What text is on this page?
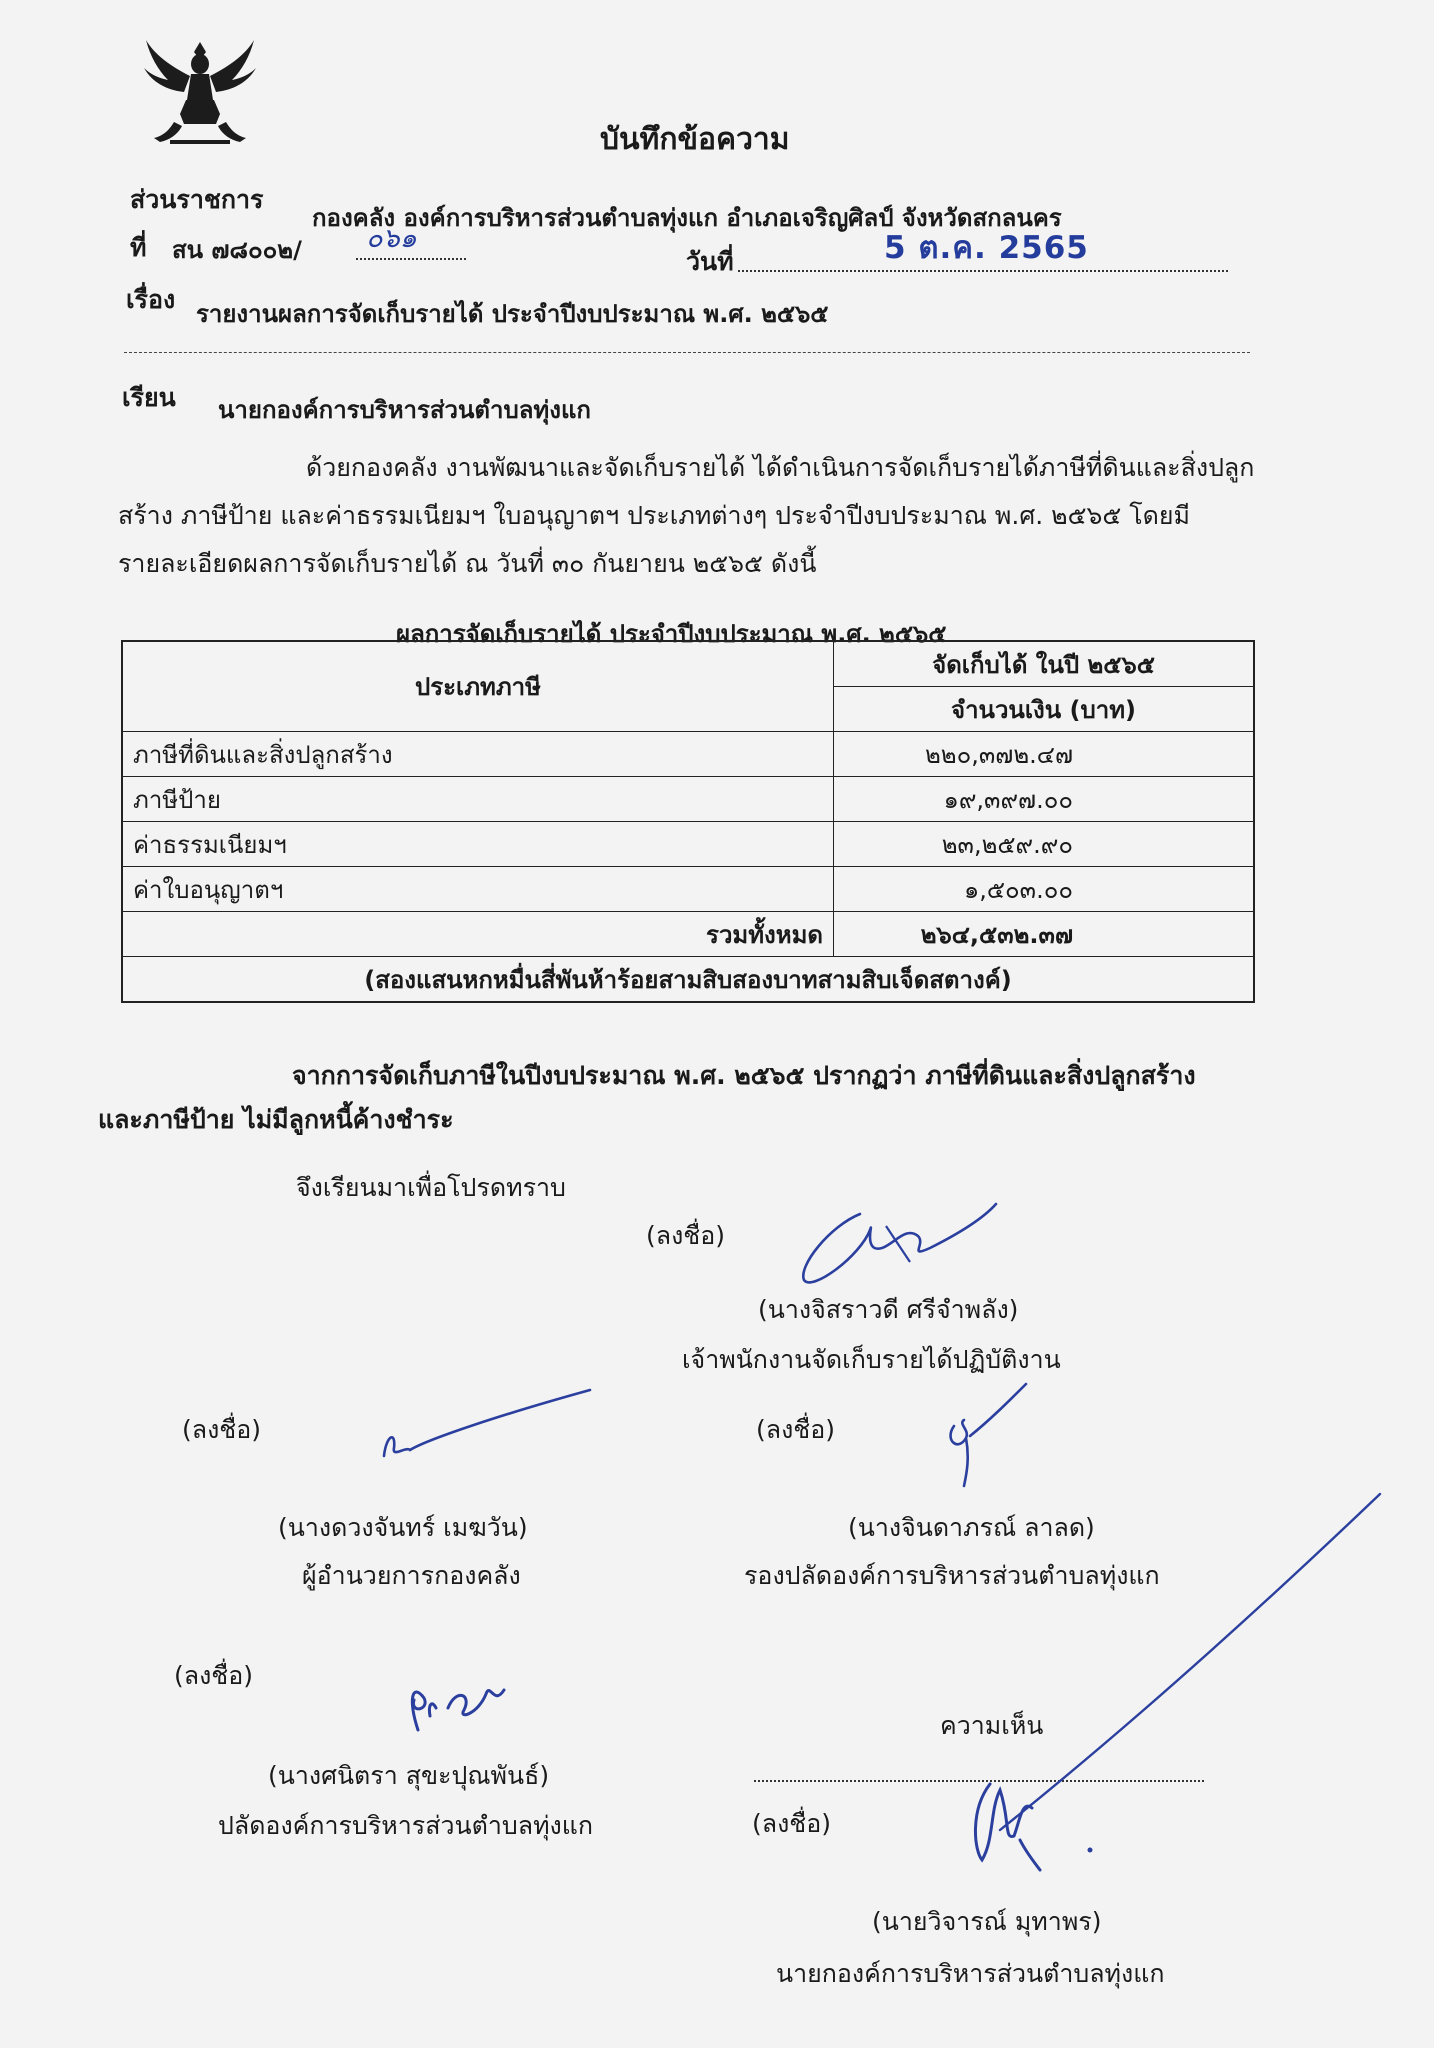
บันทึกข้อความ
ส่วนราชการ
กองคลัง องค์การบริหารส่วนตำบลทุ่งแก อำเภอเจริญศิลป์ จังหวัดสกลนคร
ที่ สน ๗๘๐๐๒/ ๐๖๑
วันที่	5 ต.ค. 2565
เรื่อง รายงานผลการจัดเก็บรายได้ ประจำปีงบประมาณ พ.ศ. ๒๕๖๕
เรียน นายกองค์การบริหารส่วนตำบลทุ่งแก
ด้วยกองคลัง งานพัฒนาและจัดเก็บรายได้ ได้ดำเนินการจัดเก็บรายได้ภาษีที่ดินและสิ่งปลูก
สร้าง ภาษีป้าย และค่าธรรมเนียมฯ ใบอนุญาตฯ ประเภทต่างๆ ประจำปีงบประมาณ พ.ศ. ๒๕๖๕ โดยมี
รายละเอียดผลการจัดเก็บรายได้ ณ วันที่ ๓๐ กันยายน ๒๕๖๕ ดังนี้
ผลการจัดเก็บรายได้ ประจำปีงบประมาณ พ.ศ. ๒๕๖๕
ประเภทภาษี	จัดเก็บได้ ในปี ๒๕๖๕
	จำนวนเงิน (บาท)
ภาษีที่ดินและสิ่งปลูกสร้าง	๒๒๐,๓๗๒.๔๗
ภาษีป้าย	๑๙,๓๙๗.๐๐
ค่าธรรมเนียมฯ	๒๓,๒๕๙.๙๐
ค่าใบอนุญาตฯ	๑,๕๐๓.๐๐
รวมทั้งหมด	๒๖๔,๕๓๒.๓๗
(สองแสนหกหมื่นสี่พันห้าร้อยสามสิบสองบาทสามสิบเจ็ดสตางค์)	
จากการจัดเก็บภาษีในปีงบประมาณ พ.ศ. ๒๕๖๕ ปรากฏว่า ภาษีที่ดินและสิ่งปลูกสร้าง
และภาษีป้าย ไม่มีลูกหนี้ค้างชำระ
จึงเรียนมาเพื่อโปรดทราบ
(ลงชื่อ)
(นางจิสราวดี ศรีจำพลัง)
เจ้าพนักงานจัดเก็บรายได้ปฏิบัติงาน
(ลงชื่อ)
(นางดวงจันทร์ เมฆวัน)
ผู้อำนวยการกองคลัง
(ลงชื่อ)
(นางจินดาภรณ์ ลาลด)
รองปลัดองค์การบริหารส่วนตำบลทุ่งแก
(ลงชื่อ)
(นางศนิตรา สุขะปุณพันธ์)
ปลัดองค์การบริหารส่วนตำบลทุ่งแก
ความเห็น
(ลงชื่อ)
(นายวิจารณ์ มุทาพร)
นายกองค์การบริหารส่วนตำบลทุ่งแก
